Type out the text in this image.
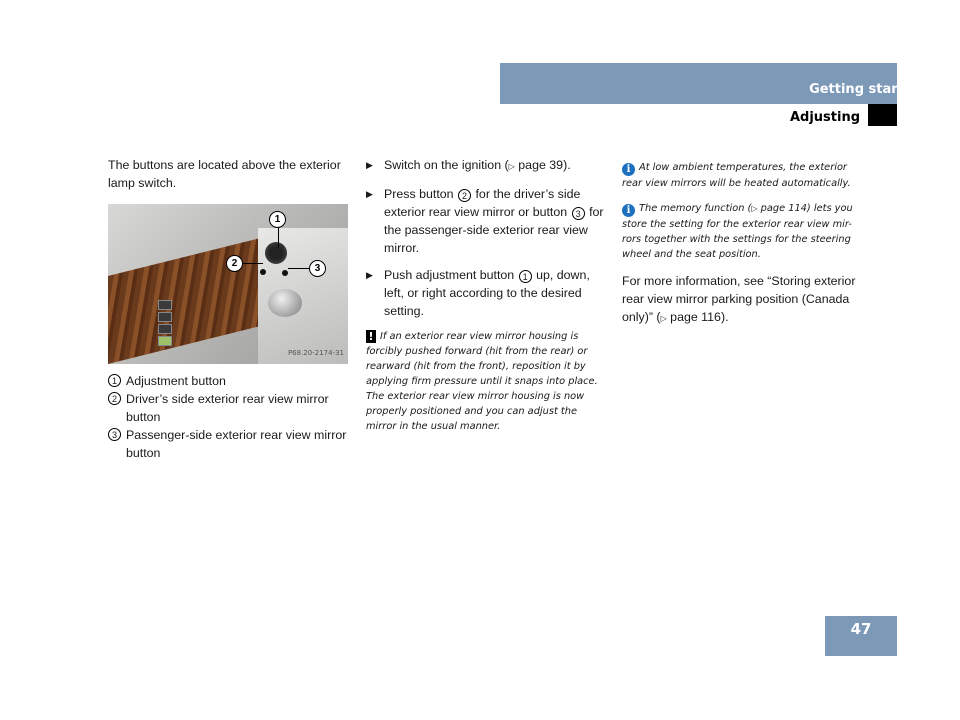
Getting started
Adjusting

The buttons are located above the exterior lamp switch.

1
2	3
P68.20-2174-31
1 Adjustment button
2 Driver’s side exterior rear view mirror button
3 Passenger-side exterior rear view mirror button
▶ Switch on the ignition (▷ page 39).
▶ Press button 2 for the driver’s side exterior rear view mirror or button 3 for the passenger-side exterior rear view mirror.
▶ Push adjustment button 1 up, down, left, or right according to the desired setting.
! If an exterior rear view mirror housing is forcibly pushed forward (hit from the rear) or rearward (hit from the front), reposition it by applying firm pressure until it snaps into place. The exterior rear view mirror housing is now properly positioned and you can adjust the mirror in the usual manner.
i At low ambient temperatures, the exterior rear view mirrors will be heated automatically.
i The memory function (▷ page 114) lets you store the setting for the exterior rear view mir-rors together with the settings for the steering wheel and the seat position.

For more information, see “Storing exterior rear view mirror parking position (Canada only)” (▷ page 116).

47
